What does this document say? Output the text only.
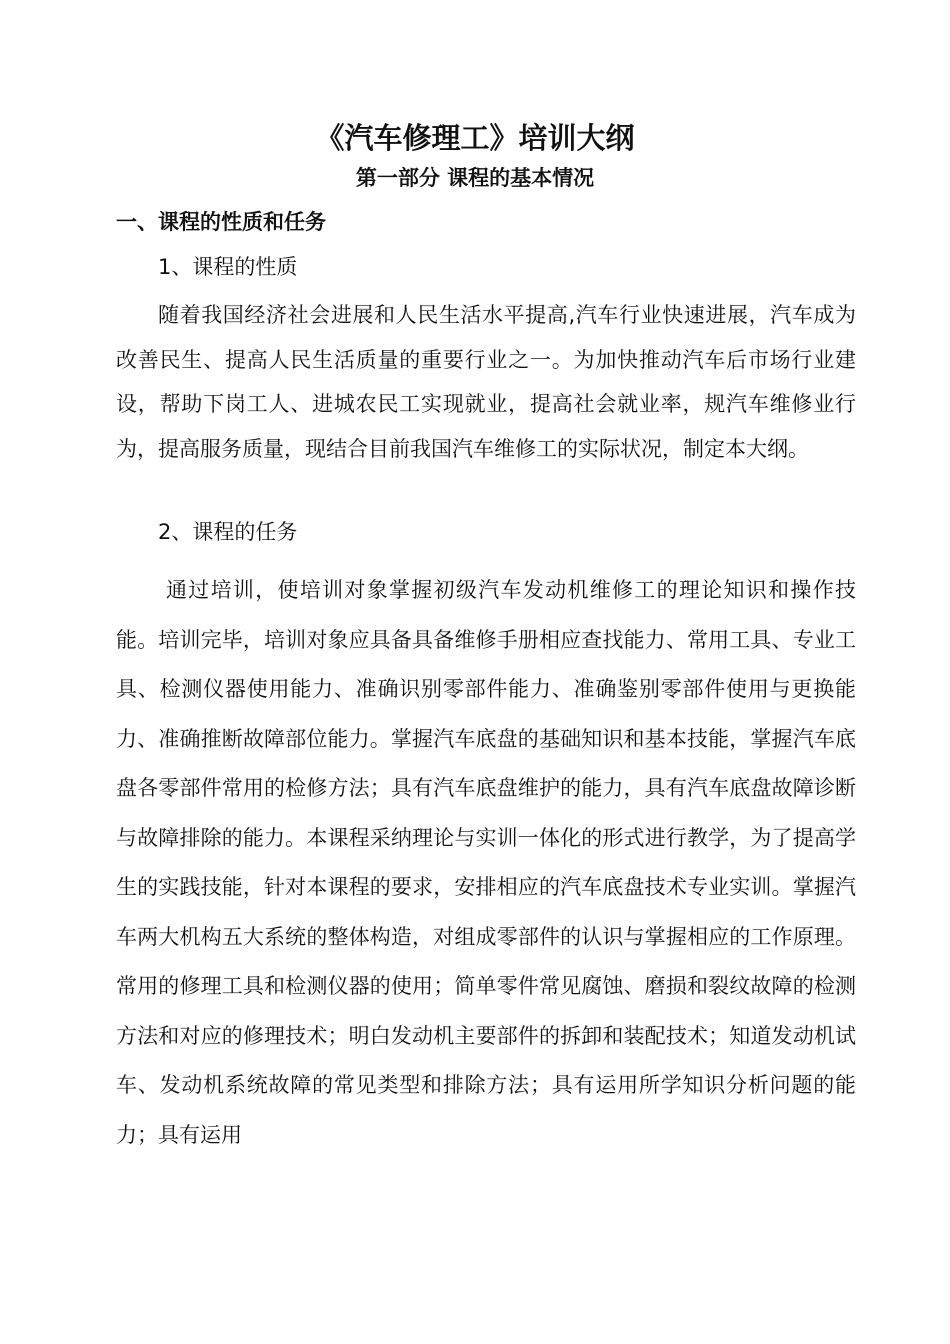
《汽车修理工》培训大纲
第一部分 课程的基本情况
一、课程的性质和任务
1、课程的性质

随着我国经济社会进展和人民生活水平提高,汽车行业快速进展，汽车成为改善民生、提高人民生活质量的重要行业之一。为加快推动汽车后市场行业建设，帮助下岗工人、进城农民工实现就业，提高社会就业率，规汽车维修业行为，提高服务质量，现结合目前我国汽车维修工的实际状况，制定本大纲。

2、课程的任务

通过培训，使培训对象掌握初级汽车发动机维修工的理论知识和操作技能。培训完毕，培训对象应具备具备维修手册相应查找能力、常用工具、专业工具、检测仪器使用能力、准确识别零部件能力、准确鉴别零部件使用与更换能力、准确推断故障部位能力。掌握汽车底盘的基础知识和基本技能，掌握汽车底盘各零部件常用的检修方法；具有汽车底盘维护的能力，具有汽车底盘故障诊断与故障排除的能力。本课程采纳理论与实训一体化的形式进行教学，为了提高学生的实践技能，针对本课程的要求，安排相应的汽车底盘技术专业实训。掌握汽车两大机构五大系统的整体构造，对组成零部件的认识与掌握相应的工作原理。常用的修理工具和检测仪器的使用；简单零件常见腐蚀、磨损和裂纹故障的检测方法和对应的修理技术；明白发动机主要部件的拆卸和装配技术；知道发动机试车、发动机系统故障的常见类型和排除方法；具有运用所学知识分析问题的能力；具有运用
